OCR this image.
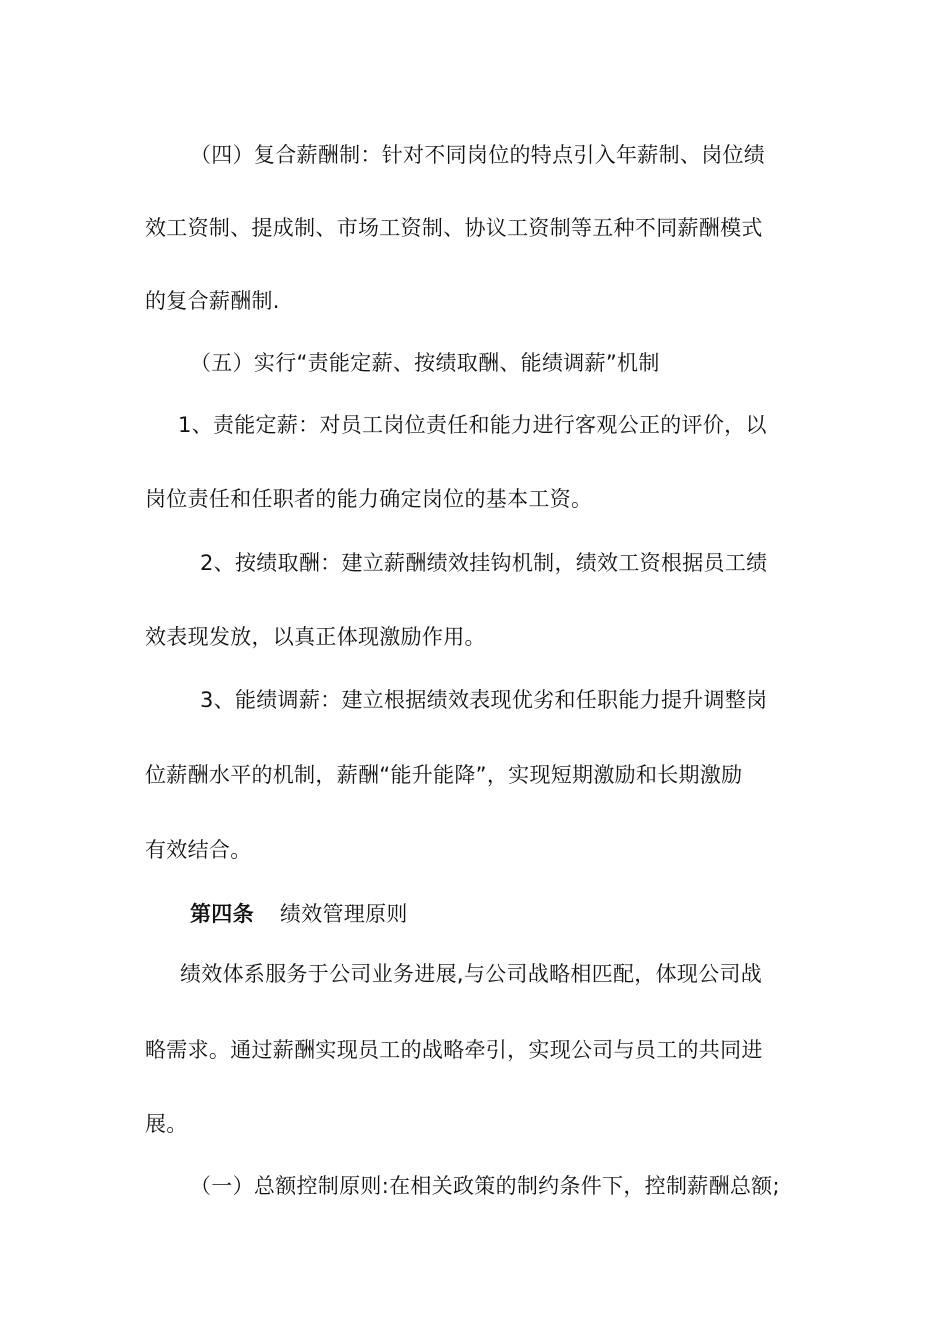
（四）复合薪酬制：针对不同岗位的特点引入年薪制、岗位绩
效工资制、提成制、市场工资制、协议工资制等五种不同薪酬模式
的复合薪酬制.
（五）实行“责能定薪、按绩取酬、能绩调薪”机制
1、责能定薪：对员工岗位责任和能力进行客观公正的评价，以
岗位责任和任职者的能力确定岗位的基本工资。
2、按绩取酬：建立薪酬绩效挂钩机制，绩效工资根据员工绩
效表现发放，以真正体现激励作用。
3、能绩调薪：建立根据绩效表现优劣和任职能力提升调整岗
位薪酬水平的机制，薪酬“能升能降”，实现短期激励和长期激励
有效结合。
第四条 绩效管理原则
绩效体系服务于公司业务进展,与公司战略相匹配，体现公司战
略需求。通过薪酬实现员工的战略牵引，实现公司与员工的共同进
展。
（一）总额控制原则:在相关政策的制约条件下，控制薪酬总额;
